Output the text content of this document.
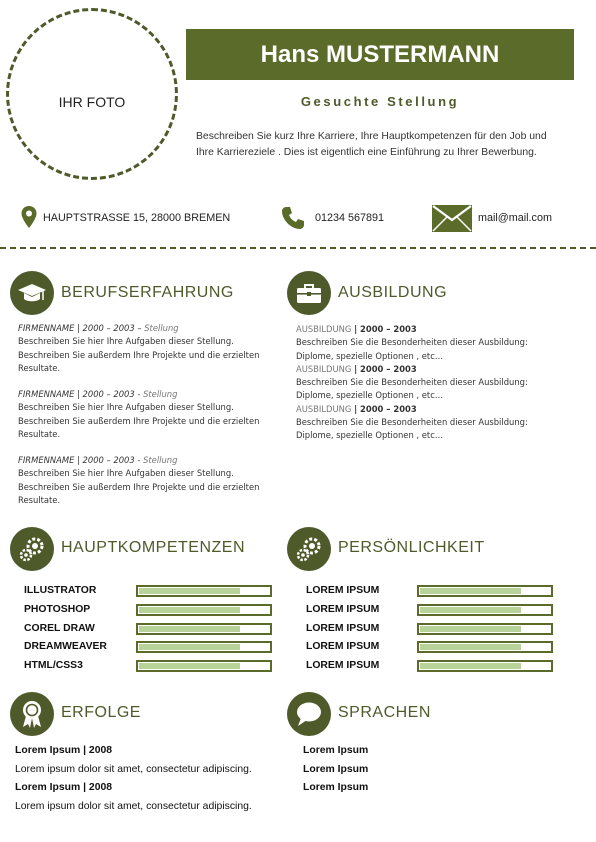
IHR FOTO
Hans MUSTERMANN
Gesuchte Stellung
Beschreiben Sie kurz Ihre Karriere, Ihre Hauptkompetenzen für den Job und Ihre Karriereziele . Dies ist eigentlich eine Einführung zu Ihrer Bewerbung.
HAUPTSTRASSE 15, 28000 BREMEN	01234 567891	mail@mail.com
BERUFSERFAHRUNG
FIRMENNAME | 2000 – 2003 – Stellung
Beschreiben Sie hier Ihre Aufgaben dieser Stellung.
Beschreiben Sie außerdem Ihre Projekte und die erzielten
Resultate.
FIRMENNAME | 2000 – 2003 - Stellung
Beschreiben Sie hier Ihre Aufgaben dieser Stellung.
Beschreiben Sie außerdem Ihre Projekte und die erzielten
Resultate.
FIRMENNAME | 2000 – 2003 - Stellung
Beschreiben Sie hier Ihre Aufgaben dieser Stellung.
Beschreiben Sie außerdem Ihre Projekte und die erzielten
Resultate.
AUSBILDUNG
AUSBILDUNG | 2000 – 2003
Beschreiben Sie die Besonderheiten dieser Ausbildung:
Diplome, spezielle Optionen , etc…
AUSBILDUNG | 2000 – 2003
Beschreiben Sie die Besonderheiten dieser Ausbildung:
Diplome, spezielle Optionen , etc…
AUSBILDUNG | 2000 – 2003
Beschreiben Sie die Besonderheiten dieser Ausbildung:
Diplome, spezielle Optionen , etc…
HAUPTKOMPETENZEN
ILLUSTRATOR
PHOTOSHOP
COREL DRAW
DREAMWEAVER
HTML/CSS3
PERSÖNLICHKEIT
LOREM IPSUM
LOREM IPSUM
LOREM IPSUM
LOREM IPSUM
LOREM IPSUM
ERFOLGE
Lorem Ipsum | 2008
Lorem ipsum dolor sit amet, consectetur adipiscing.
Lorem Ipsum | 2008
Lorem ipsum dolor sit amet, consectetur adipiscing.
SPRACHEN
Lorem Ipsum
Lorem Ipsum
Lorem Ipsum
